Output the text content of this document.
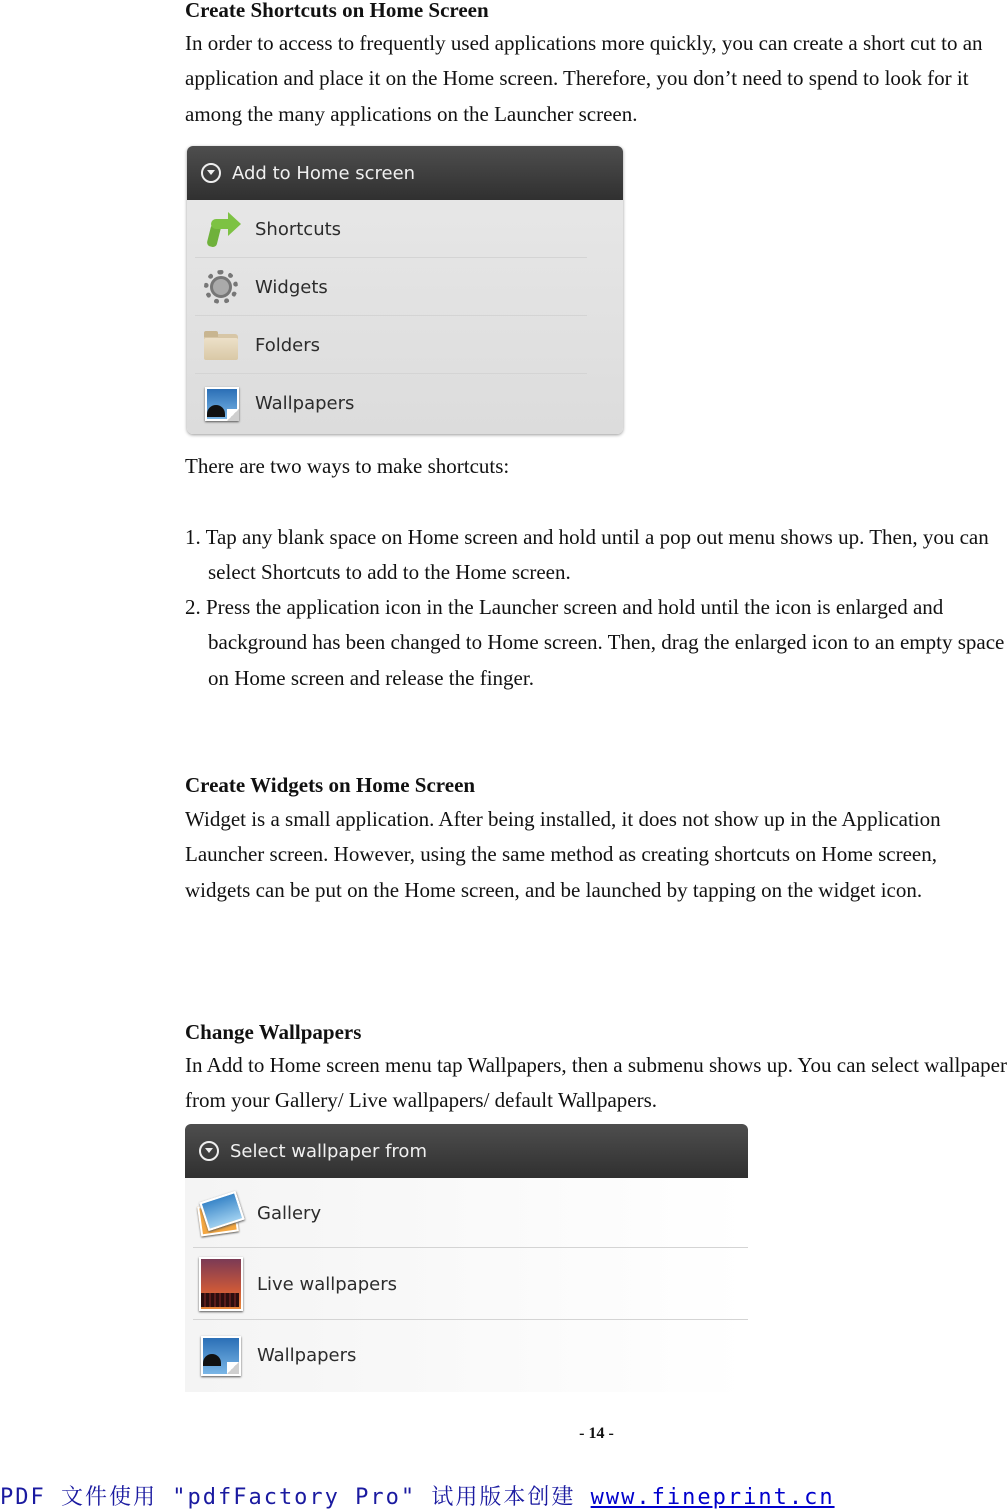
Create Shortcuts on Home Screen

In order to access to frequently used applications more quickly, you can create a short cut to an application and place it on the Home screen. Therefore, you don’t need to spend to look for it among the many applications on the Launcher screen.

Add to Home screen
Shortcuts
Widgets
Folders
Wallpapers

There are two ways to make shortcuts:

1. Tap any blank space on Home screen and hold until a pop out menu shows up. Then, you can select Shortcuts to add to the Home screen.

2. Press the application icon in the Launcher screen and hold until the icon is enlarged and background has been changed to Home screen. Then, drag the enlarged icon to an empty space on Home screen and release the finger.

Create Widgets on Home Screen

Widget is a small application. After being installed, it does not show up in the Application Launcher screen. However, using the same method as creating shortcuts on Home screen, widgets can be put on the Home screen, and be launched by tapping on the widget icon.

Change Wallpapers

In Add to Home screen menu tap Wallpapers, then a submenu shows up. You can select wallpaper from your Gallery/ Live wallpapers/ default Wallpapers.

Select wallpaper from
Gallery
Live wallpapers
Wallpapers
- 14 -
PDF 文件使用 "pdfFactory Pro" 试用版本创建 www.fineprint.cn
